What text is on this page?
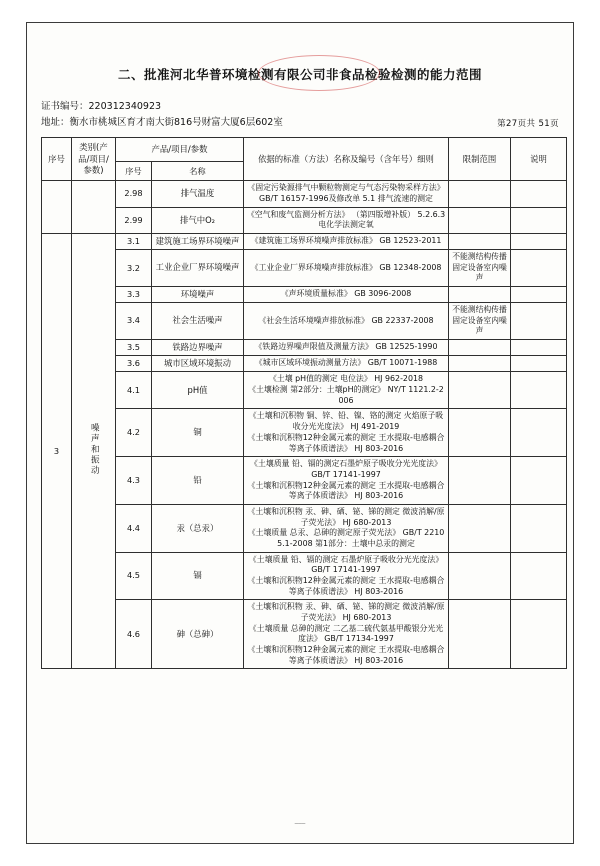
二、批准河北华普环境检测有限公司非食品检验检测的能力范围
证书编号：220312340923
地址：衡水市桃城区育才南大街816号财富大厦6层602室	第27页共 51页
序号	类别(产品/项目/参数)	产品/项目/参数		依据的标准（方法）名称及编号（含年号）细则	限制范围	说明
		序号	名称			
		2.98	排气温度	《固定污染源排气中颗粒物测定与气态污染物采样方法》 GB/T 16157-1996及修改单 5.1 排气流速的测定		
		2.99	排气中O₂	《空气和废气监测分析方法》 （第四版增补版） 5.2.6.3电化学法测定氧		
3	噪声和振动	3.1	建筑施工场界环境噪声	《建筑施工场界环境噪声排放标准》 GB 12523-2011		
		3.2	工业企业厂界环境噪声	《工业企业厂界环境噪声排放标准》 GB 12348-2008	不能测结构传播固定设备室内噪声	
		3.3	环境噪声	《声环境质量标准》 GB 3096-2008		
		3.4	社会生活噪声	《社会生活环境噪声排放标准》 GB 22337-2008	不能测结构传播固定设备室内噪声	
		3.5	铁路边界噪声	《铁路边界噪声限值及测量方法》 GB 12525-1990		
		3.6	城市区域环境振动	《城市区域环境振动测量方法》 GB/T 10071-1988		
		4.1	pH值	《土壤 pH值的测定 电位法》 HJ 962-2018
《土壤检测 第2部分：土壤pH的测定》 NY/T 1121.2-2006		
		4.2	铜	《土壤和沉积物 铜、锌、铅、镍、铬的测定 火焰原子吸收分光光度法》 HJ 491-2019
《土壤和沉积物12种金属元素的测定 王水提取-电感耦合等离子体质谱法》 HJ 803-2016		
		4.3	铅	《土壤质量 铅、镉的测定石墨炉原子吸收分光光度法》 GB/T 17141-1997
《土壤和沉积物12种金属元素的测定 王水提取-电感耦合等离子体质谱法》 HJ 803-2016		
		4.4	汞（总汞）	《土壤和沉积物 汞、砷、硒、铋、锑的测定 微波消解/原子荧光法》 HJ 680-2013
《土壤质量 总汞、总砷的测定原子荧光法》 GB/T 22105.1-2008 第1部分：土壤中总汞的测定		
		4.5	镉	《土壤质量 铅、镉的测定 石墨炉原子吸收分光光度法》 GB/T 17141-1997
《土壤和沉积物12种金属元素的测定 王水提取-电感耦合等离子体质谱法》 HJ 803-2016		
		4.6	砷（总砷）	《土壤和沉积物 汞、砷、硒、铋、锑的测定 微波消解/原子荧光法》 HJ 680-2013
《土壤质量 总砷的测定 二乙基二硫代氨基甲酸银分光光度法》 GB/T 17134-1997
《土壤和沉积物12种金属元素的测定 王水提取-电感耦合等离子体质谱法》 HJ 803-2016		
‾‾‾
